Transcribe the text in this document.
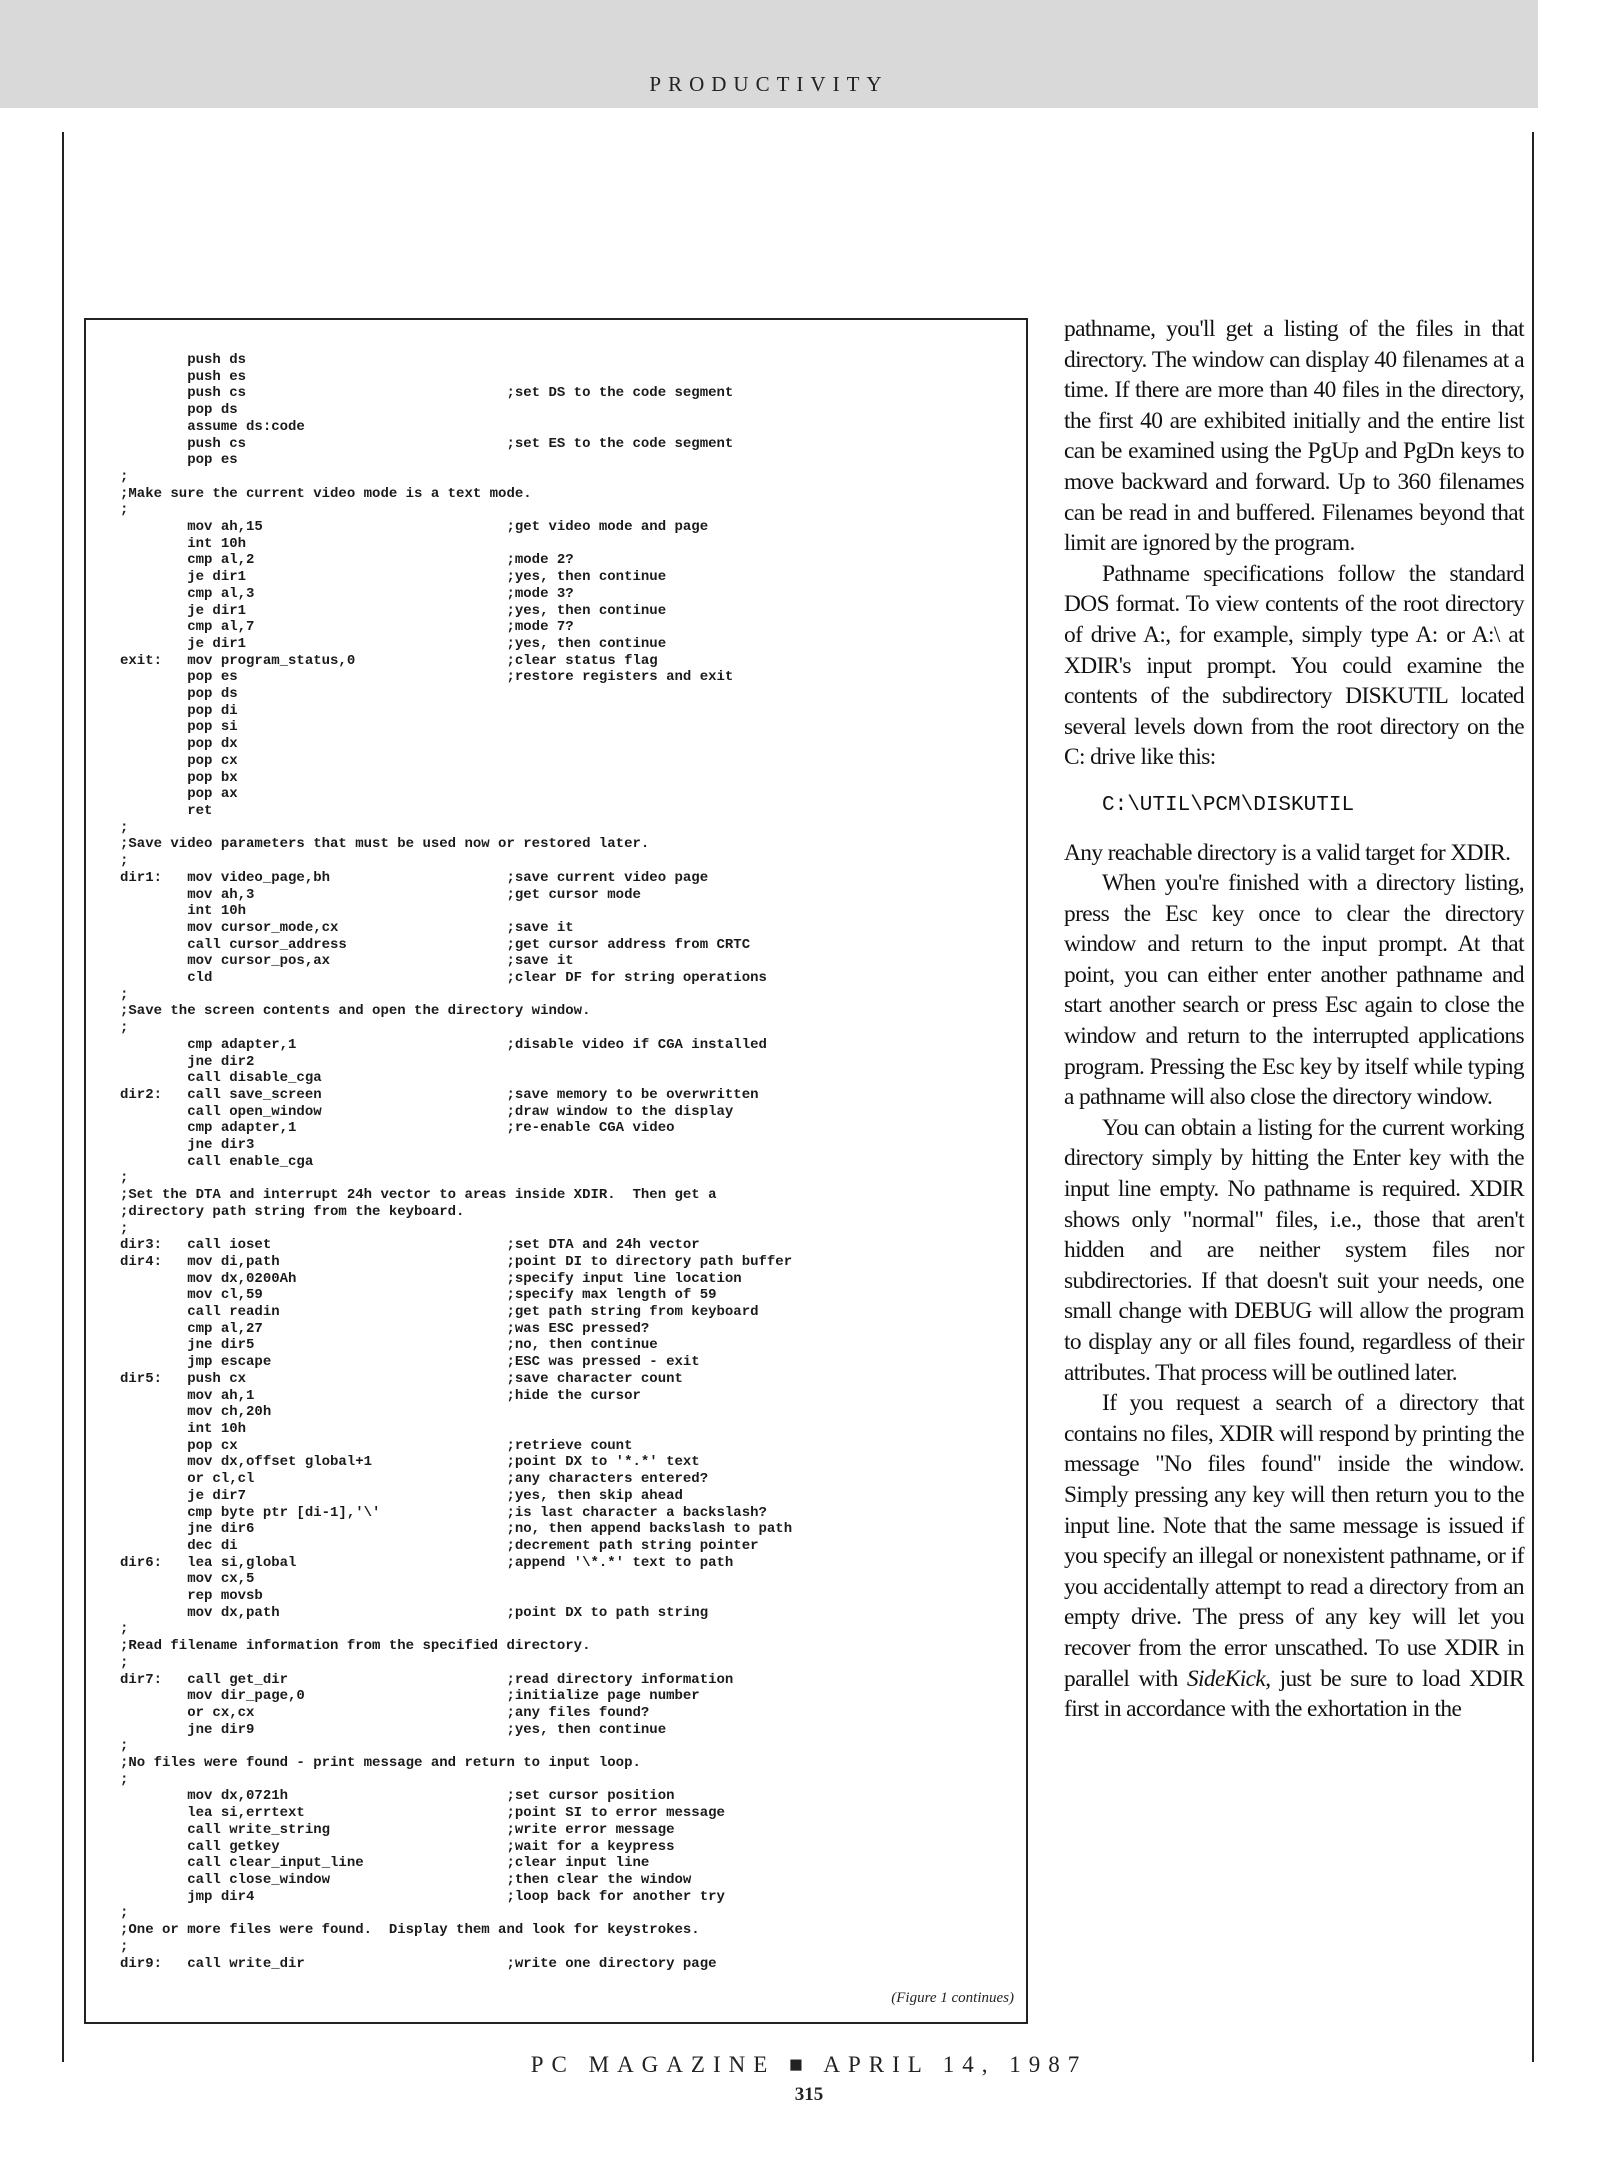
PRODUCTIVITY
push ds
push es
push cs                               ;set DS to the code segment
pop ds
assume ds:code
push cs                               ;set ES to the code segment
pop es
;
;Make sure the current video mode is a text mode.
;
mov ah,15                             ;get video mode and page
int 10h
cmp al,2                              ;mode 2?
je dir1                               ;yes, then continue
cmp al,3                              ;mode 3?
je dir1                               ;yes, then continue
cmp al,7                              ;mode 7?
je dir1                               ;yes, then continue
exit:   mov program_status,0                  ;clear status flag
pop es                                ;restore registers and exit
pop ds
pop di
pop si
pop dx
pop cx
pop bx
pop ax
ret
;
;Save video parameters that must be used now or restored later.
;
dir1:   mov video_page,bh                     ;save current video page
mov ah,3                              ;get cursor mode
int 10h
mov cursor_mode,cx                    ;save it
call cursor_address                   ;get cursor address from CRTC
mov cursor_pos,ax                     ;save it
cld                                   ;clear DF for string operations
;
;Save the screen contents and open the directory window.
;
cmp adapter,1                         ;disable video if CGA installed
jne dir2
call disable_cga
dir2:   call save_screen                      ;save memory to be overwritten
call open_window                      ;draw window to the display
cmp adapter,1                         ;re-enable CGA video
jne dir3
call enable_cga
;
;Set the DTA and interrupt 24h vector to areas inside XDIR.  Then get a
;directory path string from the keyboard.
;
dir3:   call ioset                            ;set DTA and 24h vector
dir4:   mov di,path                           ;point DI to directory path buffer
mov dx,0200Ah                         ;specify input line location
mov cl,59                             ;specify max length of 59
call readin                           ;get path string from keyboard
cmp al,27                             ;was ESC pressed?
jne dir5                              ;no, then continue
jmp escape                            ;ESC was pressed - exit
dir5:   push cx                               ;save character count
mov ah,1                              ;hide the cursor
mov ch,20h
int 10h
pop cx                                ;retrieve count
mov dx,offset global+1                ;point DX to '*.*' text
or cl,cl                              ;any characters entered?
je dir7                               ;yes, then skip ahead
cmp byte ptr [di-1],'\'               ;is last character a backslash?
jne dir6                              ;no, then append backslash to path
dec di                                ;decrement path string pointer
dir6:   lea si,global                         ;append '\*.*' text to path
mov cx,5
rep movsb
mov dx,path                           ;point DX to path string
;
;Read filename information from the specified directory.
;
dir7:   call get_dir                          ;read directory information
mov dir_page,0                        ;initialize page number
or cx,cx                              ;any files found?
jne dir9                              ;yes, then continue
;
;No files were found - print message and return to input loop.
;
mov dx,0721h                          ;set cursor position
lea si,errtext                        ;point SI to error message
call write_string                     ;write error message
call getkey                           ;wait for a keypress
call clear_input_line                 ;clear input line
call close_window                     ;then clear the window
jmp dir4                              ;loop back for another try
;
;One or more files were found.  Display them and look for keystrokes.
;
dir9:   call write_dir                        ;write one directory page
(Figure 1 continues)

pathname, you'll get a listing of the files in that directory. The window can display 40 filenames at a time. If there are more than 40 files in the directory, the first 40 are exhibited initially and the entire list can be examined using the PgUp and PgDn keys to move backward and forward. Up to 360 filenames can be read in and buffered. Filenames beyond that limit are ignored by the program.

Pathname specifications follow the standard DOS format. To view contents of the root directory of drive A:, for example, simply type A: or A:\ at XDIR's input prompt. You could examine the contents of the subdirectory DISKUTIL located several levels down from the root directory on the C: drive like this:

C:\UTIL\PCM\DISKUTIL

Any reachable directory is a valid target for XDIR.

When you're finished with a directory listing, press the Esc key once to clear the directory window and return to the input prompt. At that point, you can either enter another pathname and start another search or press Esc again to close the window and return to the interrupted applications program. Pressing the Esc key by itself while typing a pathname will also close the directory window.

You can obtain a listing for the current working directory simply by hitting the Enter key with the input line empty. No pathname is required. XDIR shows only "normal" files, i.e., those that aren't hidden and are neither system files nor subdirectories. If that doesn't suit your needs, one small change with DEBUG will allow the program to display any or all files found, regardless of their attributes. That process will be outlined later.

If you request a search of a directory that contains no files, XDIR will respond by printing the message "No files found" inside the window. Simply pressing any key will then return you to the input line. Note that the same message is issued if you specify an illegal or nonexistent pathname, or if you accidentally attempt to read a directory from an empty drive. The press of any key will let you recover from the error unscathed. To use XDIR in parallel with SideKick, just be sure to load XDIR first in accordance with the exhortation in the

PC MAGAZINE ■ APRIL 14, 1987
315
